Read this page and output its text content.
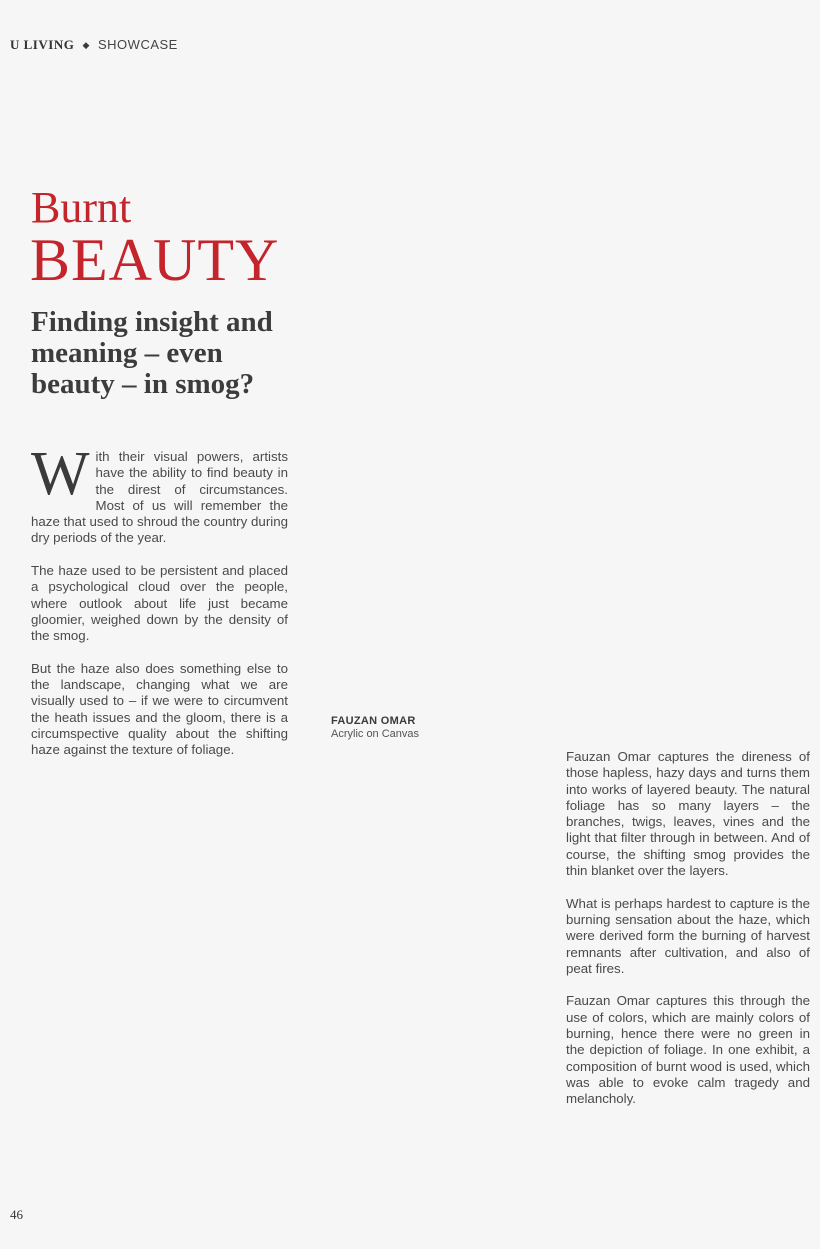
U LIVING ◆ SHOWCASE
Burnt
BEAUTY
Finding insight and meaning – even beauty – in smog?

With their visual powers, artists have the ability to find beauty in the direst of circumstances. Most of us will remember the haze that used to shroud the country during dry periods of the year.

The haze used to be persistent and placed a psychological cloud over the people, where outlook about life just became gloomier, weighed down by the density of the smog.

But the haze also does something else to the landscape, changing what we are visually used to – if we were to circumvent the heath issues and the gloom, there is a circumspective quality about the shifting haze against the texture of foliage.

FAUZAN OMAR
Acrylic on Canvas

Fauzan Omar captures the direness of those hapless, hazy days and turns them into works of layered beauty. The natural foliage has so many layers – the branches, twigs, leaves, vines and the light that filter through in between. And of course, the shifting smog provides the thin blanket over the layers.

What is perhaps hardest to capture is the burning sensation about the haze, which were derived form the burning of harvest remnants after cultivation, and also of peat fires.

Fauzan Omar captures this through the use of colors, which are mainly colors of burning, hence there were no green in the depiction of foliage. In one exhibit, a composition of burnt wood is used, which was able to evoke calm tragedy and melancholy.

46
